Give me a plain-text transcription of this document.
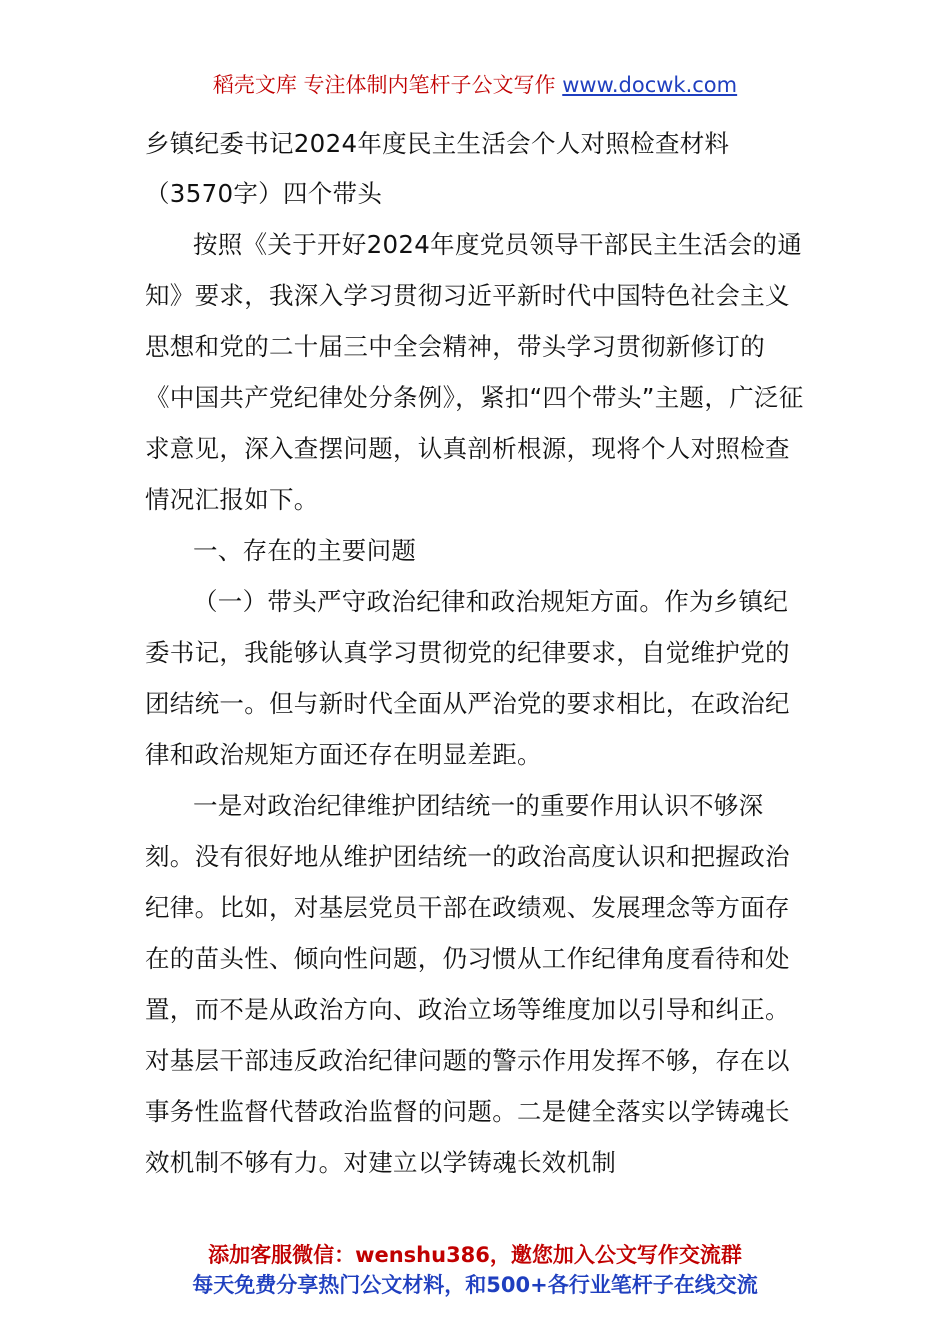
稻壳文库 专注体制内笔杆子公文写作 www.docwk.com

乡镇纪委书记2024年度民主生活会个人对照检查材料（3570字）四个带头

按照《关于开好2024年度党员领导干部民主生活会的通知》要求，我深入学习贯彻习近平新时代中国特色社会主义思想和党的二十届三中全会精神，带头学习贯彻新修订的《中国共产党纪律处分条例》，紧扣“四个带头”主题，广泛征求意见，深入查摆问题，认真剖析根源，现将个人对照检查情况汇报如下。

一、存在的主要问题

（一）带头严守政治纪律和政治规矩方面。作为乡镇纪委书记，我能够认真学习贯彻党的纪律要求，自觉维护党的团结统一。但与新时代全面从严治党的要求相比，在政治纪律和政治规矩方面还存在明显差距。

一是对政治纪律维护团结统一的重要作用认识不够深刻。没有很好地从维护团结统一的政治高度认识和把握政治纪律。比如，对基层党员干部在政绩观、发展理念等方面存在的苗头性、倾向性问题，仍习惯从工作纪律角度看待和处置，而不是从政治方向、政治立场等维度加以引导和纠正。对基层干部违反政治纪律问题的警示作用发挥不够，存在以事务性监督代替政治监督的问题。二是健全落实以学铸魂长效机制不够有力。对建立以学铸魂长效机制

添加客服微信：wenshu386，邀您加入公文写作交流群
每天免费分享热门公文材料，和500+各行业笔杆子在线交流
